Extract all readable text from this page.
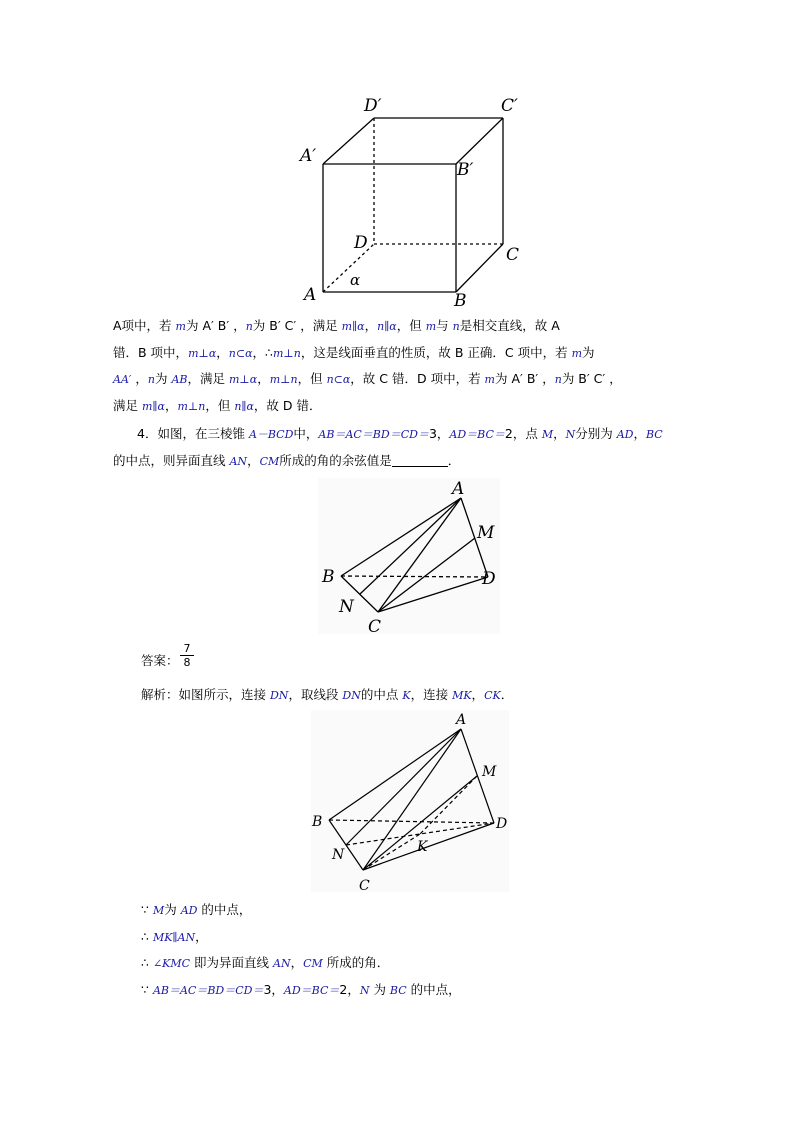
D′	C′
A′
B′
D
C
α
A	B
A项中，若 m为 A′ B′ ，n为 B′ C′ ，满足 m∥α，n∥α，但 m与 n是相交直线，故 A
错．B 项中，m⊥α，n⊂α，∴m⊥n，这是线面垂直的性质，故 B 正确．C 项中，若 m为
AA′ ，n为 AB，满足 m⊥α，m⊥n，但 n⊂α，故 C 错．D 项中，若 m为 A′ B′ ，n为 B′ C′ ，
满足 m∥α，m⊥n，但 n∥α，故 D 错．
4．如图，在三棱锥 A－BCD中，AB＝AC＝BD＝CD＝3，AD＝BC＝2，点 M，N分别为 AD，BC
的中点，则异面直线 AN，CM所成的角的余弦值是	．
A
M
B	D
N
C
答案：
7
8
解析：如图所示，连接 DN，取线段 DN的中点 K，连接 MK，CK．
A
M
B	D
K
N
C
∵ M为 AD 的中点，
∴ MK∥AN，
∴ ∠KMC 即为异面直线 AN，CM 所成的角．
∵ AB＝AC＝BD＝CD＝3，AD＝BC＝2，N 为 BC 的中点，
